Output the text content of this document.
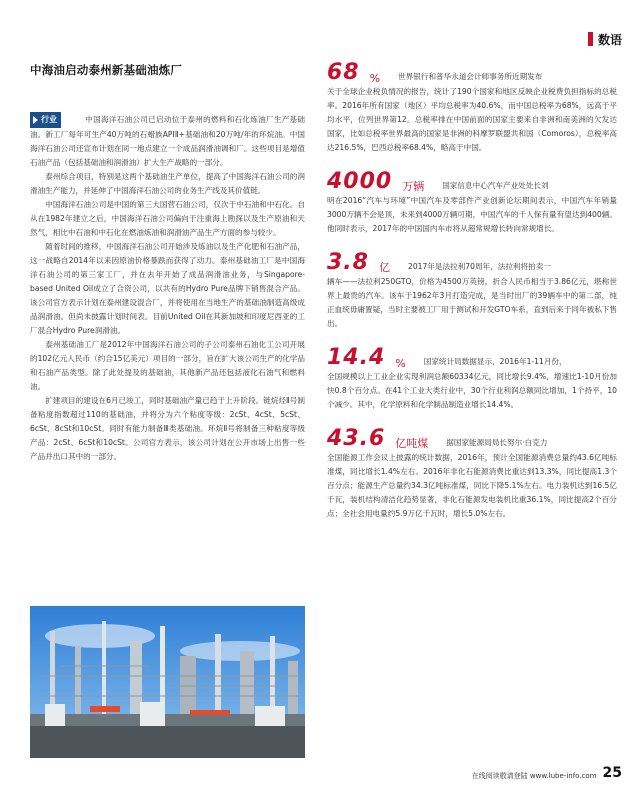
数语
中海油启动泰州新基础油炼厂

行业	中国海洋石油公司已启动位于泰州的燃料和石化炼油厂生产基础油。新工厂每年可生产40万吨的石蜡族APIⅡ+基础油和20万吨/年的环烷油。中国海洋石油公司还宣布计划在同一地点建立一个成品润滑油调和厂。这些项目是增值石油产品（包括基础油和润滑油）扩大生产战略的一部分。

泰州综合项目，特别是这两个基础油生产单位，提高了中国海洋石油公司的润滑油生产能力，并延伸了中国海洋石油公司的业务生产线及其价值链。

中国海洋石油公司是中国的第三大国营石油公司，仅次于中石油和中石化。自从在1982年建立之后，中国海洋石油公司偏向于注重海上勘探以及生产原油和天然气，相比中石油和中石化在燃油炼油和润滑油产品生产方面的参与较少。

随着时间的推移，中国海洋石油公司开始涉及炼油以及生产化肥和石油产品，这一战略自2014年以来因原油价格暴跌而获得了动力。泰州基础油工厂是中国海洋石油公司的第三家工厂，并在去年开始了成品润滑油业务，与Singapore-based United Oil成立了合资公司，以共有的Hydro Pure品牌下销售混合产品。该公司官方表示计划在泰州建设混合厂，并将使用在当地生产的基础油制造高级成品润滑油。但尚未披露计划时间表。目前United Oil在其新加坡和印度尼西亚的工厂混合Hydro Pure润滑油。

泰州基础油工厂是2012年中国海洋石油公司的子公司泰州石油化工公司开展的102亿元人民币（约合15亿美元）项目的一部分，旨在扩大该公司生产的化学品和石油产品类型。除了此处提及的基础油，其他新产品还包括液化石油气和燃料油。

扩建项目的建设在6月已竣工，同时基础油产量已趋于上升阶段。链烷烃Ⅱ号制备粘度指数超过110的基础油，并将分为六个粘度等级：2cSt、4cSt、5cSt、6cSt、8cSt和10cSt。同时有能力制备Ⅲ类基础油。环烷Ⅱ号将制备三种粘度等级产品：2cSt、6cSt和10cSt。公司官方表示，该公司计划在公开市场上出售一些产品并出口其中的一部分。

68 % 世界银行和普华永道会计师事务所近期发布
关于全球企业税负情况的报告，统计了190个国家和地区反映企业税费负担指标的总税率。2016年所有国家（地区）平均总税率为40.6%，而中国总税率为68%，远高于平均水平，位列世界第12。总税率排在中国前面的国家主要来自非洲和南美洲的欠发达国家，比如总税率世界最高的国家是非洲的科摩罗联盟共和国（Comoros），总税率高达216.5%，巴西总税率68.4%，略高于中国。
4000 万辆 国家信息中心汽车产业处处长刘
明在2016“汽车与环境”中国汽车及零部件产业创新论坛期间表示，中国汽车年销量3000万辆不会是顶，未来到4000万辆可期，中国汽车的千人保有量有望达到400辆。他同时表示，2017年的中国国内车市将从超常规增长转向常规增长。
3.8 亿 2017年是法拉利70周年，法拉利将拍卖一
辆车——法拉利250GTO，价格为4500万英镑，折合人民币相当于3.86亿元，堪称世界上最贵的汽车。该车于1962年3月打造完成，是当时出厂的39辆车中的第二部，纯正血统毋庸置疑，当时主要被工厂用于测试和开发GTO车系，直到后来于同年被私下售出。
14.4 % 国家统计局数据显示，2016年1-11月份，
全国规模以上工业企业实现利润总额60334亿元，同比增长9.4%，增速比1-10月份加快0.8个百分点。在41个工业大类行业中，30个行业利润总额同比增加，1个持平，10个减少。其中，化学原料和化学制品制造业增长14.4%。
43.6 亿吨煤 据国家能源局局长努尔·白克力
全国能源工作会议上披露的统计数据，2016年，预计全国能源消费总量约43.6亿吨标准煤，同比增长1.4%左右。2016年非化石能源消费比重达到13.3%，同比提高1.3个百分点；能源生产总量约34.3亿吨标准煤，同比下降5.1%左右。电力装机达到16.5亿千瓦，装机结构清洁化趋势显著，非化石能源发电装机比重36.1%，同比提高2个百分点；全社会用电量约5.9万亿千瓦时，增长5.0%左右。
在线阅读敬请登陆 www.lube-info.com 25
